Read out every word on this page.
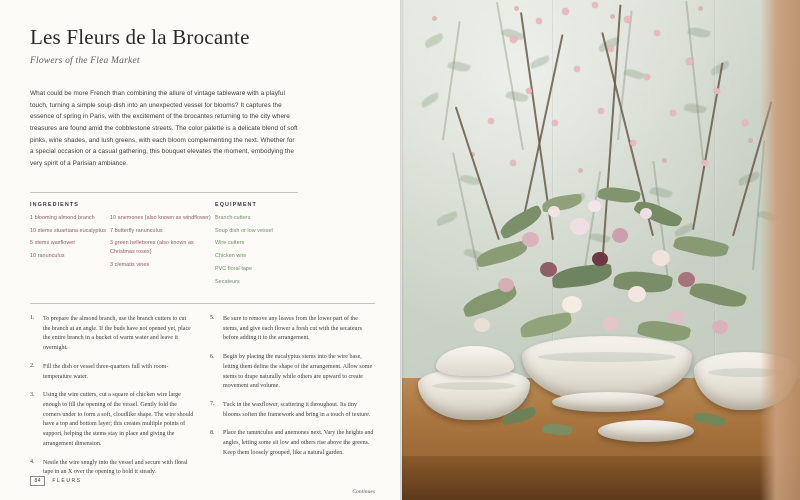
Les Fleurs de la Brocante
Flowers of the Flea Market

What could be more French than combining the allure of vintage tableware with a playful touch, turning a simple soup dish into an unexpected vessel for blooms? It captures the essence of spring in Paris, with the excitement of the brocantes returning to the city where treasures are found amid the cobblestone streets. The color palette is a delicate blend of soft pinks, wine shades, and lush greens, with each bloom complementing the next. Whether for a special occasion or a casual gathering, this bouquet elevates the moment, embodying the very spirit of a Parisian ambiance.

INGREDIENTS
1 blooming almond branch
10 stems stuartiana eucalyptus
5 stems waxflower
10 ranunculus
10 anemones (also known as windflower)
7 butterfly ranunculus
3 green hellebores (also known as Christmas roses)
3 clematis vines
EQUIPMENT
Branch cutters
Soup dish or low vessel
Wire cutters
Chicken wire
PVC floral tape
Secateurs
1.	To prepare the almond branch, use the branch cutters to cut the branch at an angle. If the buds have not opened yet, place the entire branch in a bucket of warm water and leave it overnight.
2.	Fill the dish or vessel three-quarters full with room-temperature water.
3.	Using the wire cutters, cut a square of chicken wire large enough to fill the opening of the vessel. Gently fold the corners under to form a soft, cloudlike shape. The wire should have a top and bottom layer; this creates multiple points of support, helping the stems stay in place and giving the arrangement dimension.
4.	Nestle the wire snugly into the vessel and secure with floral tape in an X over the opening to hold it steady.
5.	Be sure to remove any leaves from the lower part of the stems, and give each flower a fresh cut with the secateurs before adding it to the arrangement.
6.	Begin by placing the eucalyptus stems into the wire base, letting them define the shape of the arrangement. Allow some stems to drape naturally while others are upward to create movement and volume.
7.	Tuck in the waxflower, scattering it throughout. Its tiny blooms soften the framework and bring in a touch of texture.
8.	Place the ranunculus and anemones next. Vary the heights and angles, letting some sit low and others rise above the greens. Keep them loosely grouped, like a natural garden.
Continues
84	FLEURS
